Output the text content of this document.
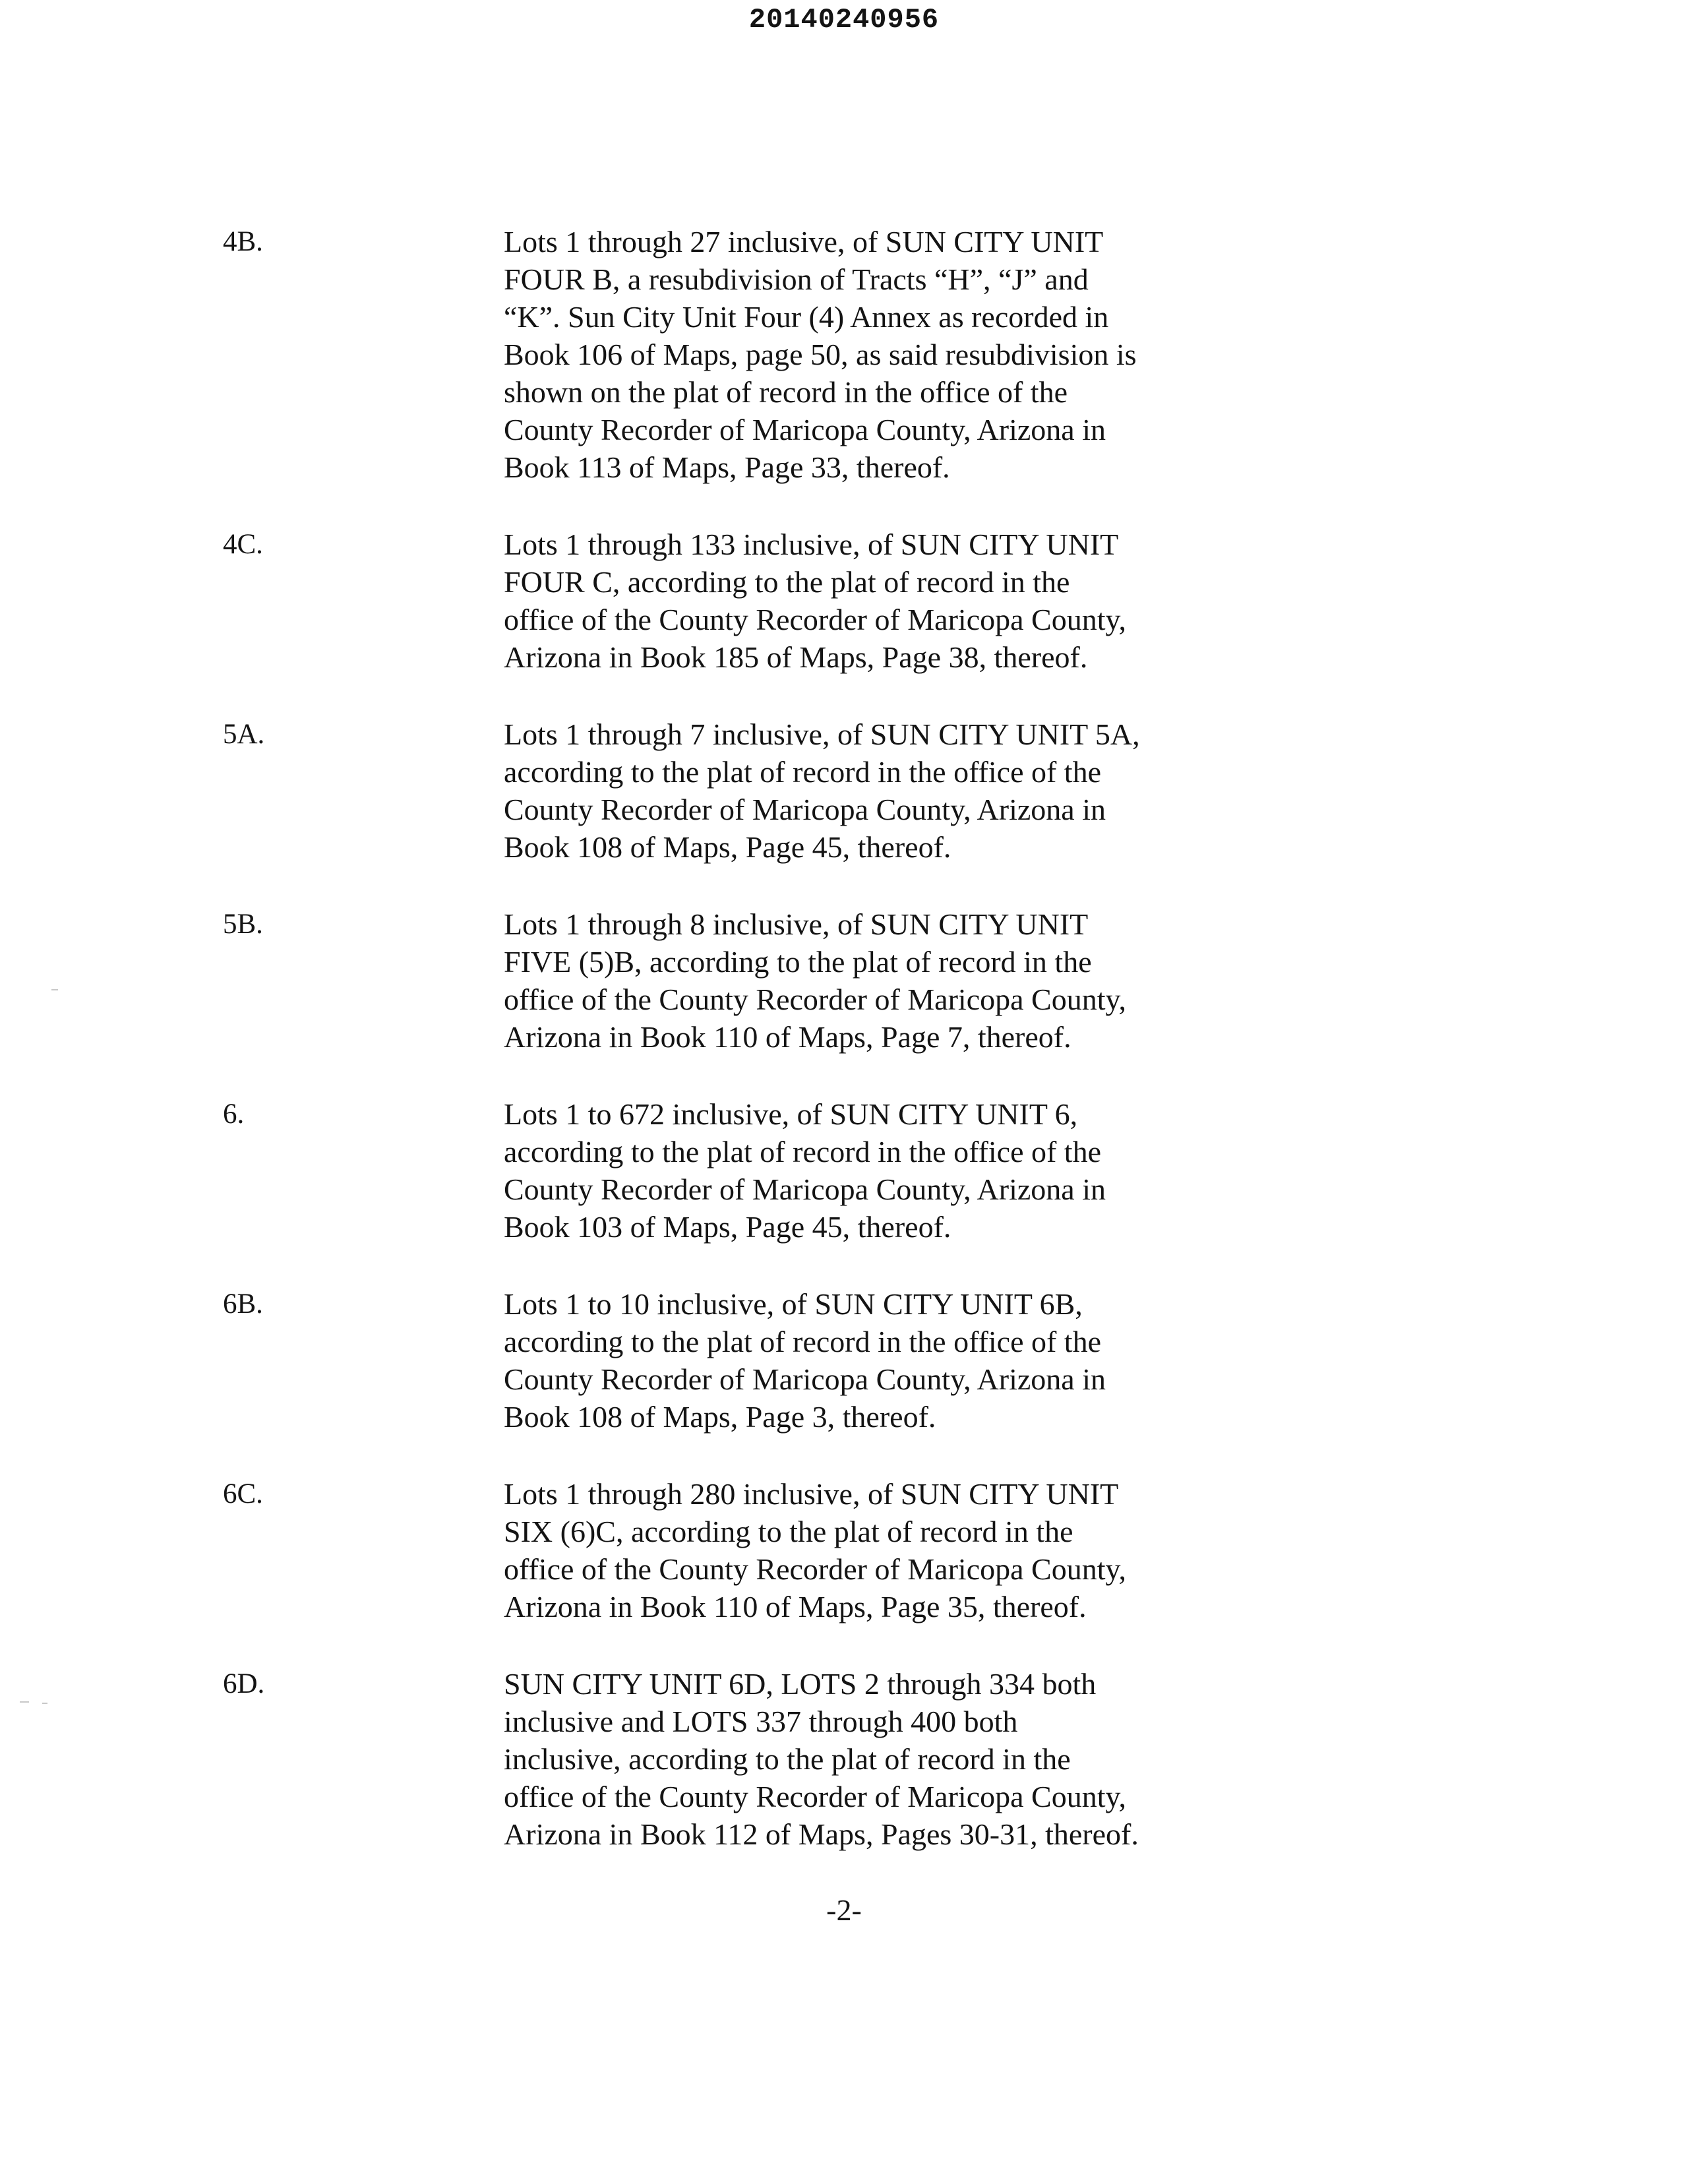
20140240956
4B.	Lots 1 through 27 inclusive, of SUN CITY UNIT
FOUR B, a resubdivision of Tracts “H”, “J” and
“K”. Sun City Unit Four (4) Annex as recorded in
Book 106 of Maps, page 50, as said resubdivision is
shown on the plat of record in the office of the
County Recorder of Maricopa County, Arizona in
Book 113 of Maps, Page 33, thereof.
4C.	Lots 1 through 133 inclusive, of SUN CITY UNIT
FOUR C, according to the plat of record in the
office of the County Recorder of Maricopa County,
Arizona in Book 185 of Maps, Page 38, thereof.
5A.	Lots 1 through 7 inclusive, of SUN CITY UNIT 5A,
according to the plat of record in the office of the
County Recorder of Maricopa County, Arizona in
Book 108 of Maps, Page 45, thereof.
5B.	Lots 1 through 8 inclusive, of SUN CITY UNIT
FIVE (5)B, according to the plat of record in the
office of the County Recorder of Maricopa County,
Arizona in Book 110 of Maps, Page 7, thereof.
6.	Lots 1 to 672 inclusive, of SUN CITY UNIT 6,
according to the plat of record in the office of the
County Recorder of Maricopa County, Arizona in
Book 103 of Maps, Page 45, thereof.
6B.	Lots 1 to 10 inclusive, of SUN CITY UNIT 6B,
according to the plat of record in the office of the
County Recorder of Maricopa County, Arizona in
Book 108 of Maps, Page 3, thereof.
6C.	Lots 1 through 280 inclusive, of SUN CITY UNIT
SIX (6)C, according to the plat of record in the
office of the County Recorder of Maricopa County,
Arizona in Book 110 of Maps, Page 35, thereof.
6D.	SUN CITY UNIT 6D, LOTS 2 through 334 both
inclusive and LOTS 337 through 400 both
inclusive, according to the plat of record in the
office of the County Recorder of Maricopa County,
Arizona in Book 112 of Maps, Pages 30-31, thereof.
-2-
